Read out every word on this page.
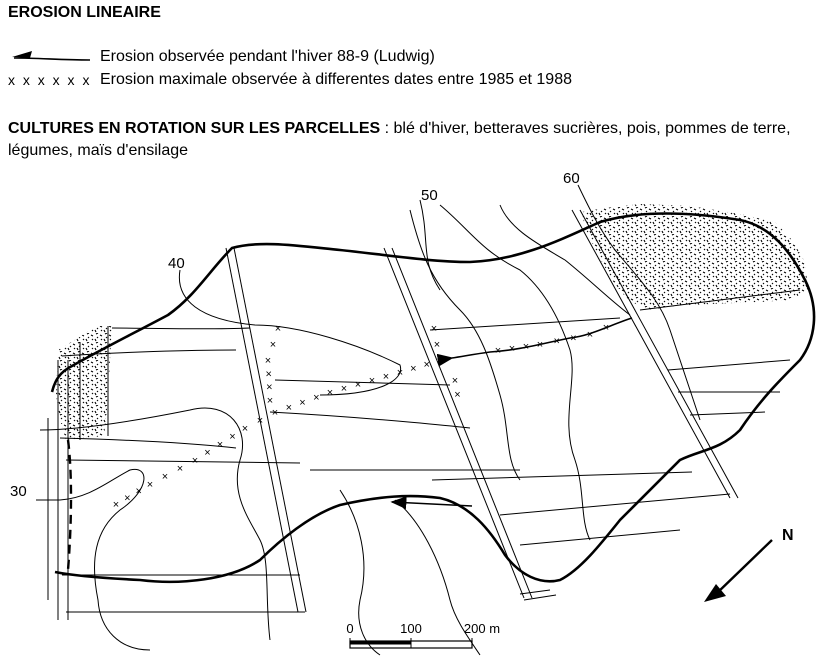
EROSION LINEAIRE
Erosion observée pendant l'hiver 88-9 (Ludwig)
Erosion maximale observée à differentes dates entre 1985 et 1988
CULTURES EN ROTATION SUR LES PARCELLES : blé d'hiver, betteraves sucrières, pois, pommes de terre, légumes, maïs d'ensilage
x x x x x x
40
50
60
30
×
×
×
×
×
×
×
×
×
×
×
×
× × × × × × × × × × × ×
×
×
×
×
×
×
×
×
×
×
×
× × × × × × ×
×
N
0	100	200 m
